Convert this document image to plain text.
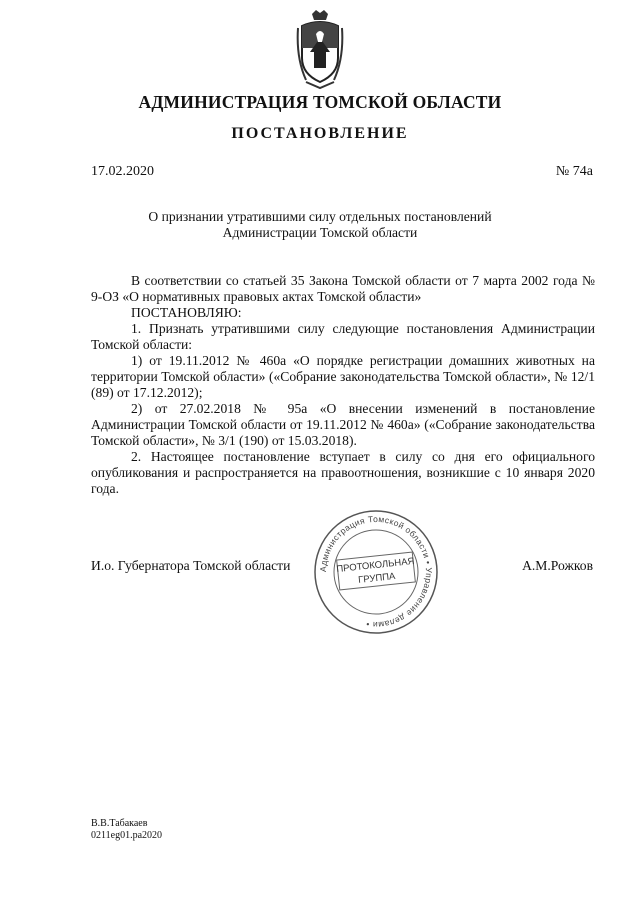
АДМИНИСТРАЦИЯ ТОМСКОЙ ОБЛАСТИ
ПОСТАНОВЛЕНИЕ
17.02.2020	№ 74а
О признании утратившими силу отдельных постановлений
Администрации Томской области

В соответствии со статьей 35 Закона Томской области от 7 марта 2002 года № 9-ОЗ «О нормативных правовых актах Томской области»

ПОСТАНОВЛЯЮ:

1. Признать утратившими силу следующие постановления Администрации Томской области:

1) от 19.11.2012 № 460а «О порядке регистрации домашних животных на территории Томской области» («Собрание законодательства Томской области», № 12/1 (89) от 17.12.2012);

2) от 27.02.2018 № 95а «О внесении изменений в постановление Администрации Томской области от 19.11.2012 № 460а» («Собрание законодательства Томской области», № 3/1 (190) от 15.03.2018).

2. Настоящее постановление вступает в силу со дня его официального опубликования и распространяется на правоотношения, возникшие с 10 января 2020 года.

Администрация Томской области • Управление делами •
ПРОТОКОЛЬНАЯ
ГРУППА
И.о. Губернатора Томской области	А.М.Рожков
В.В.Табакаев
0211eg01.pa2020
